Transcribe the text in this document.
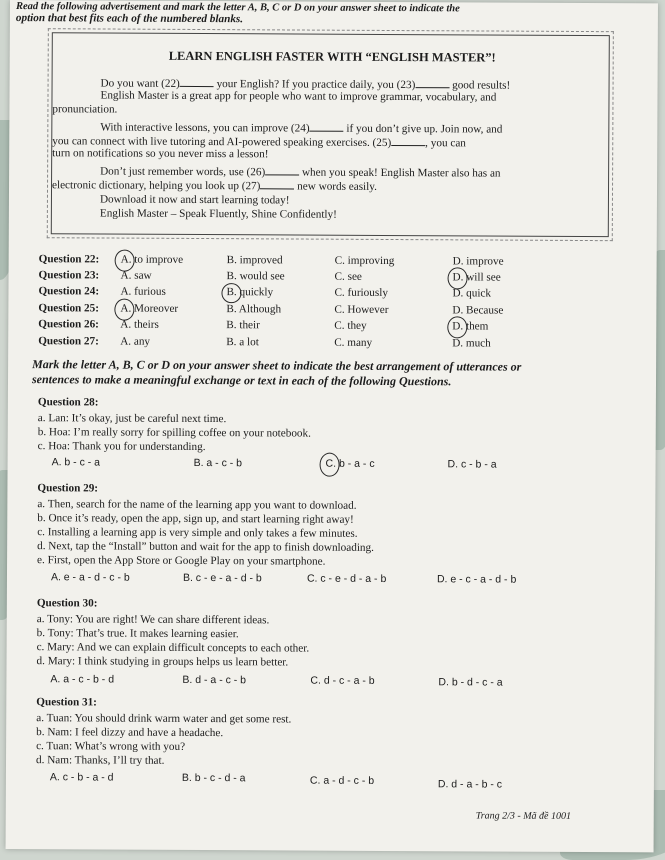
Read the following advertisement and mark the letter A, B, C or D on your answer sheet to indicate the
option that best fits each of the numbered blanks.
LEARN ENGLISH FASTER WITH “ENGLISH MASTER”!
Do you want (22)	your English? If you practice daily, you (23)	good results!
English Master is a great app for people who want to improve grammar, vocabulary, and
pronunciation.
With interactive lessons, you can improve (24)	if you don’t give up. Join now, and
you can connect with live tutoring and AI-powered speaking exercises. (25)	, you can
turn on notifications so you never miss a lesson!
Don’t just remember words, use (26)	when you speak! English Master also has an
electronic dictionary, helping you look up (27)	new words easily.
Download it now and start learning today!
English Master – Speak Fluently, Shine Confidently!
Question 22: A. to improve	B. improved	C. improving	D. improve
Question 23: A. saw	B. would see	C. see	D. will see
Question 24: A. furious	B. quickly	C. furiously	D. quick
Question 25: A. Moreover	B. Although	C. However	D. Because
Question 26: A. theirs	B. their	C. they	D. them
Question 27: A. any	B. a lot	C. many	D. much
Mark the letter A, B, C or D on your answer sheet to indicate the best arrangement of utterances or
sentences to make a meaningful exchange or text in each of the following Questions.
Question 28:
a. Lan: It’s okay, just be careful next time.
b. Hoa: I’m really sorry for spilling coffee on your notebook.
c. Hoa: Thank you for understanding.
A. b - c - a	B. a - c - b	C. b - a - c	D. c - b - a
Question 29:
a. Then, search for the name of the learning app you want to download.
b. Once it’s ready, open the app, sign up, and start learning right away!
c. Installing a learning app is very simple and only takes a few minutes.
d. Next, tap the “Install” button and wait for the app to finish downloading.
e. First, open the App Store or Google Play on your smartphone.
A. e - a - d - c - b	B. c - e - a - d - b	C. c - e - d - a - b	D. e - c - a - d - b
Question 30:
a. Tony: You are right! We can share different ideas.
b. Tony: That’s true. It makes learning easier.
c. Mary: And we can explain difficult concepts to each other.
d. Mary: I think studying in groups helps us learn better.
A. a - c - b - d	B. d - a - c - b	C. d - c - a - b	D. b - d - c - a
Question 31:
a. Tuan: You should drink warm water and get some rest.
b. Nam: I feel dizzy and have a headache.
c. Tuan: What’s wrong with you?
d. Nam: Thanks, I’ll try that.
A. c - b - a - d	B. b - c - d - a	C. a - d - c - b	D. d - a - b - c
Trang 2/3 - Mã đề 1001
